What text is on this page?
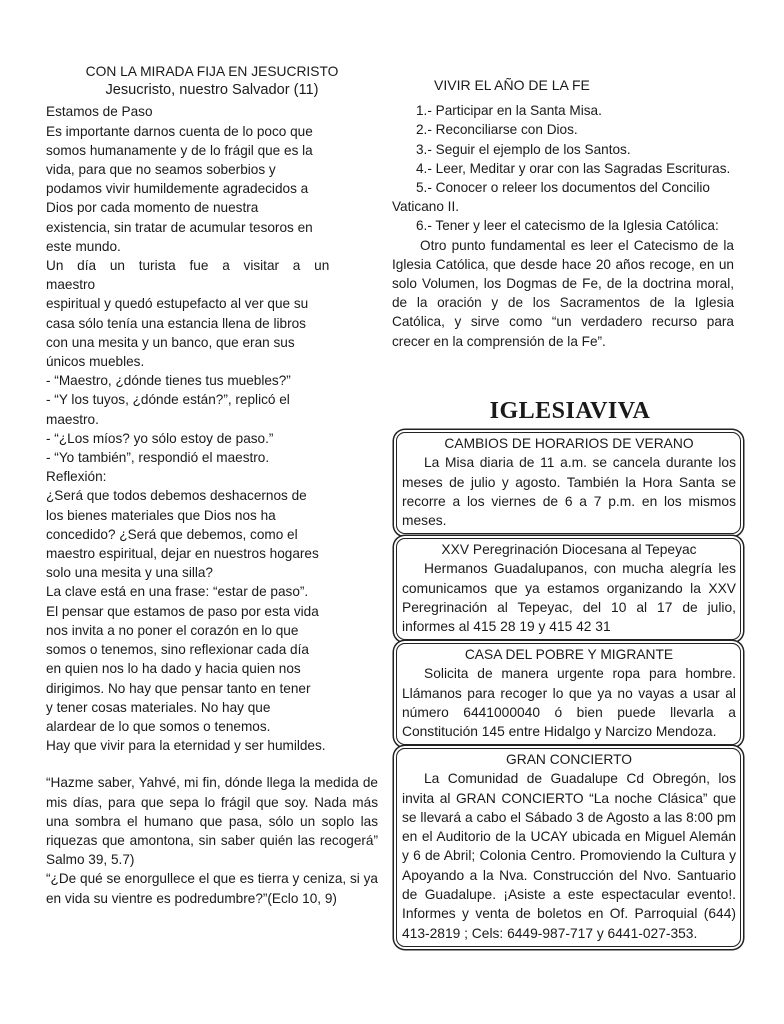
CON LA MIRADA FIJA EN JESUCRISTO
Jesucristo, nuestro Salvador (11)
Estamos de Paso
Es importante darnos cuenta de lo poco que
somos humanamente y de lo frágil que es la
vida, para que no seamos soberbios y
podamos vivir humildemente agradecidos a
Dios por cada momento de nuestra
existencia, sin tratar de acumular tesoros en
este mundo.
Un día un turista fue a visitar a un maestro
espiritual y quedó estupefacto al ver que su
casa sólo tenía una estancia llena de libros
con una mesita y un banco, que eran sus
únicos muebles.
- “Maestro, ¿dónde tienes tus muebles?”
- “Y los tuyos, ¿dónde están?”, replicó el
maestro.
- “¿Los míos? yo sólo estoy de paso.”
- “Yo también”, respondió el maestro.
Reflexión:
¿Será que todos debemos deshacernos de
los bienes materiales que Dios nos ha
concedido? ¿Será que debemos, como el
maestro espiritual, dejar en nuestros hogares
solo una mesita y una silla?
La clave está en una frase: “estar de paso”.
El pensar que estamos de paso por esta vida
nos invita a no poner el corazón en lo que
somos o tenemos, sino reflexionar cada día
en quien nos lo ha dado y hacia quien nos
dirigimos. No hay que pensar tanto en tener
y tener cosas materiales. No hay que
alardear de lo que somos o tenemos.
Hay que vivir para la eternidad y ser humildes.
“Hazme saber, Yahvé, mi fin, dónde llega la medida de mis días, para que sepa lo frágil que soy. Nada más una sombra el humano que pasa, sólo un soplo las riquezas que amontona, sin saber quién las recogerá” Salmo 39, 5.7)
“¿De qué se enorgullece el que es tierra y ceniza, si ya en vida su vientre es podredumbre?”(Eclo 10, 9)
VIVIR EL AÑO DE LA FE
1.- Participar en la Santa Misa.
2.- Reconciliarse con Dios.
3.- Seguir el ejemplo de los Santos.
4.- Leer, Meditar y orar con las Sagradas Escrituras.
5.- Conocer o releer los documentos del Concilio Vaticano II.
6.- Tener y leer el catecismo de la Iglesia Católica:
Otro punto fundamental es leer el Catecismo de la Iglesia Católica, que desde hace 20 años recoge, en un solo Volumen, los Dogmas de Fe, de la doctrina moral, de la oración y de los Sacramentos de la Iglesia Católica, y sirve como “un verdadero recurso para crecer en la comprensión de la Fe”.
IGLESIAVIVA
CAMBIOS DE HORARIOS DE VERANO
La Misa diaria de 11 a.m. se cancela durante los meses de julio y agosto. También la Hora Santa se recorre a los viernes de 6 a 7 p.m. en los mismos meses.
XXV Peregrinación Diocesana al Tepeyac
Hermanos Guadalupanos, con mucha alegría les comunicamos que ya estamos organizando la XXV Peregrinación al Tepeyac, del 10 al 17 de julio, informes al 415 28 19 y 415 42 31
CASA DEL POBRE Y MIGRANTE
Solicita de manera urgente ropa para hombre. Llámanos para recoger lo que ya no vayas a usar al número 6441000040 ó bien puede llevarla a Constitución 145 entre Hidalgo y Narcizo Mendoza.
GRAN CONCIERTO
La Comunidad de Guadalupe Cd Obregón, los invita al GRAN CONCIERTO “La noche Clásica” que se llevará a cabo el Sábado 3 de Agosto a las 8:00 pm en el Auditorio de la UCAY ubicada en Miguel Alemán y 6 de Abril; Colonia Centro. Promoviendo la Cultura y Apoyando a la Nva. Construcción del Nvo. Santuario de Guadalupe. ¡Asiste a este espectacular evento!. Informes y venta de boletos en Of. Parroquial (644) 413-2819 ; Cels: 6449-987-717 y 6441-027-353.
